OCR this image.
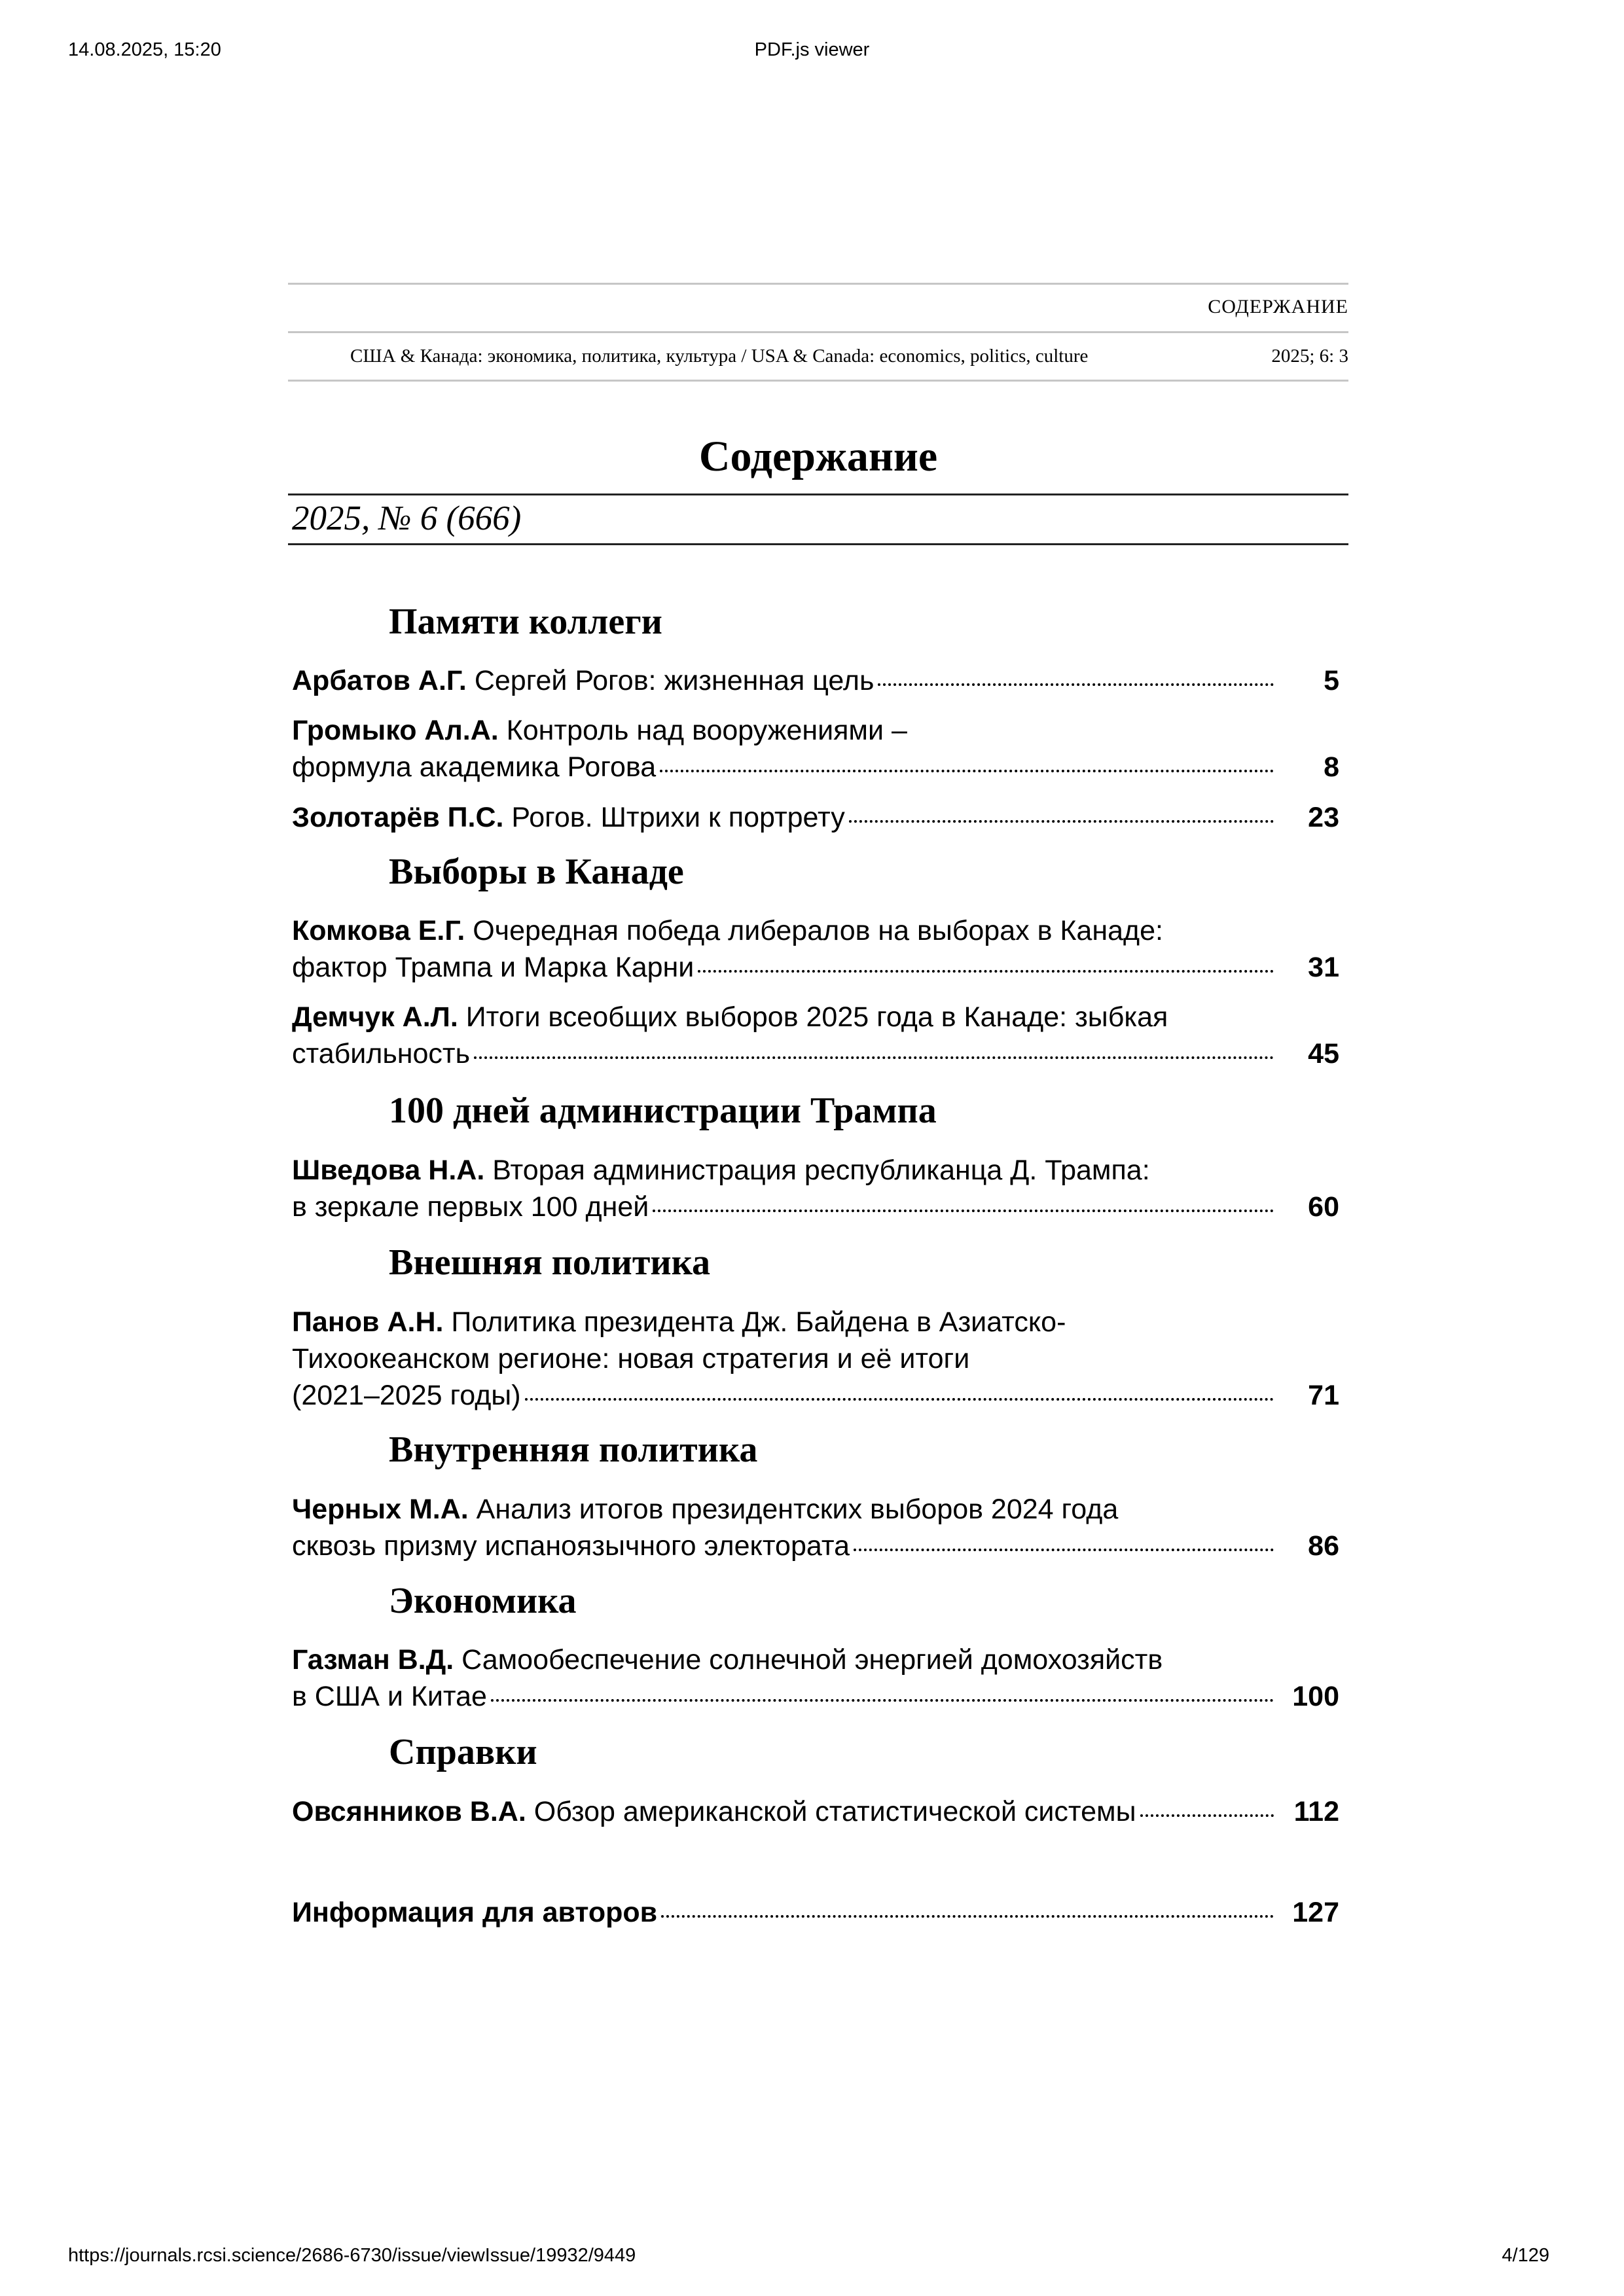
14.08.2025, 15:20	PDF.js viewer
СОДЕРЖАНИЕ
США & Канада: экономика, политика, культура / USA & Canada: economics, politics, culture	2025; 6: 3
Содержание
2025, № 6 (666)
Памяти коллеги
Арбатов А.Г. Сергей Рогов: жизненная цель	5
Громыко Ал.А. Контроль над вооружениями –
формула академика Рогова	8
Золотарёв П.С. Рогов. Штрихи к портрету	23
Выборы в Канаде
Комкова Е.Г. Очередная победа либералов на выборах в Канаде:
фактор Трампа и Марка Карни	31
Демчук А.Л. Итоги всеобщих выборов 2025 года в Канаде: зыбкая
стабильность	45
100 дней администрации Трампа
Шведова Н.А. Вторая администрация республиканца Д. Трампа:
в зеркале первых 100 дней	60
Внешняя политика
Панов А.Н. Политика президента Дж. Байдена в Азиатско-
Тихоокеанском регионе: новая стратегия и её итоги
(2021–2025 годы)	71
Внутренняя политика
Черных М.А. Анализ итогов президентских выборов 2024 года
сквозь призму испаноязычного электората	86
Экономика
Газман В.Д. Самообеспечение солнечной энергией домохозяйств
в США и Китае	100
Справки
Овсянников В.А. Обзор американской статистической системы	112
Информация для авторов	127
https://journals.rcsi.science/2686-6730/issue/viewIssue/19932/9449	4/129
